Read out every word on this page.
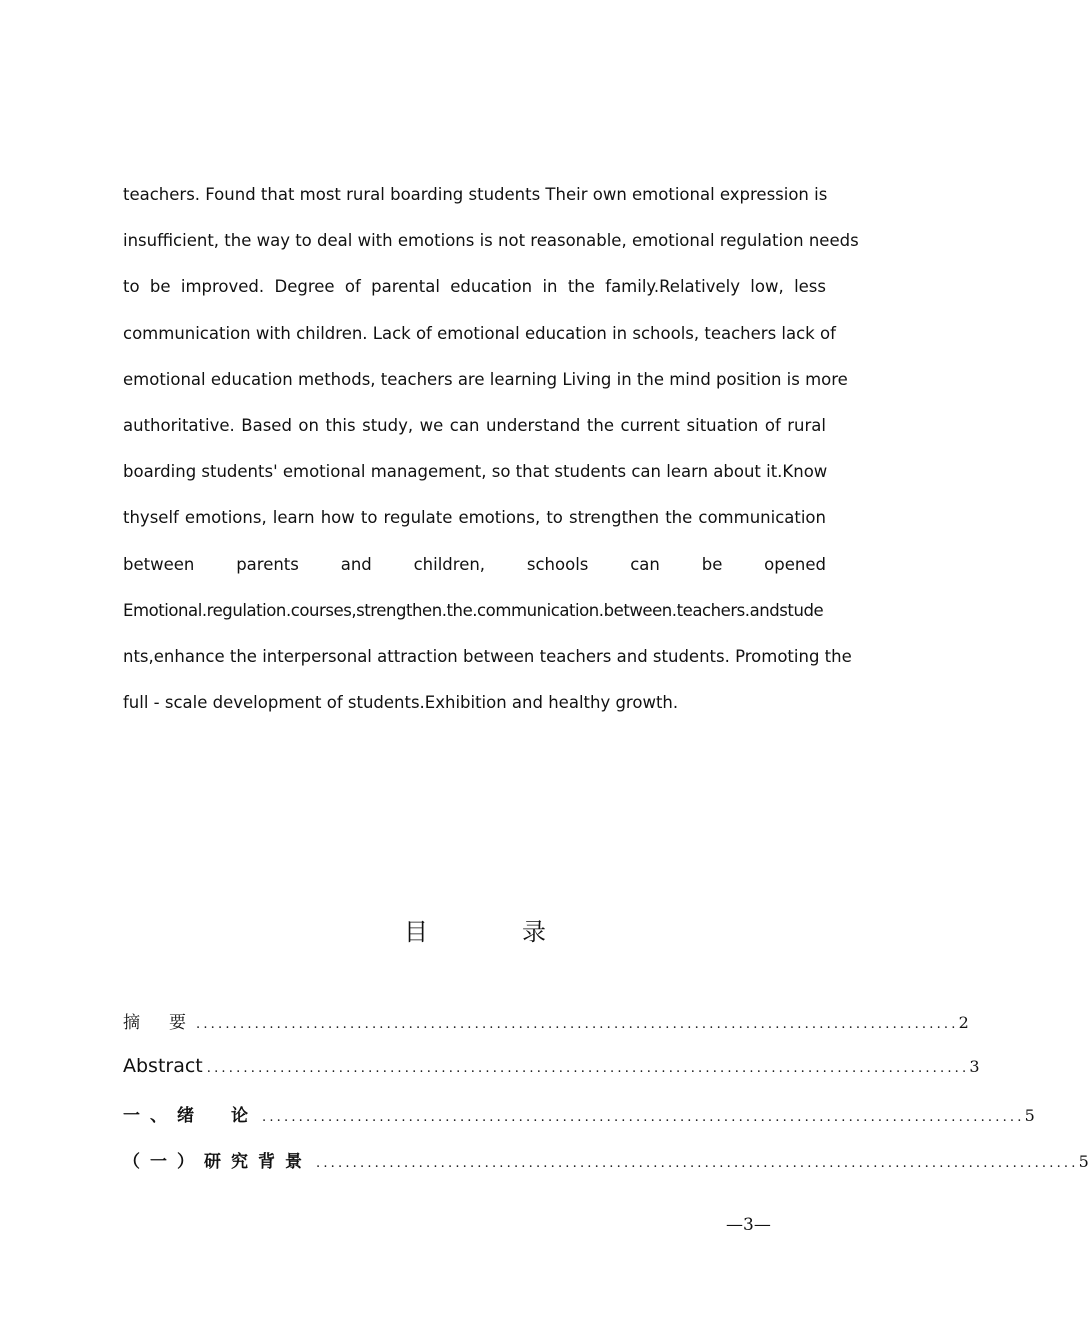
teachers. Found that most rural boarding students Their own emotional expression is
insufficient, the way to deal with emotions is not reasonable, emotional regulation needs
to be improved. Degree of parental education in the family.Relatively low, less
communication with children. Lack of emotional education in schools, teachers lack of
emotional education methods, teachers are learning Living in the mind position is more
authoritative. Based on this study, we can understand the current situation of rural
boarding students' emotional management, so that students can learn about it.Know
thyself emotions, learn how to regulate emotions, to strengthen the communication
between parents and children, schools can be opened
Emotional.regulation.courses,strengthen.the.communication.between.teachers.andstude
nts,enhance the interpersonal attraction between teachers and students. Promoting the
full - scale development of students.Exhibition and healthy growth.
目	录
摘　要 ........................................................................................................ 2
Abstract ........................................................................................................ 3
一、绪　论 ........................................................................................................ 5
（一）研究背景 ........................................................................................................ 5
—3—
